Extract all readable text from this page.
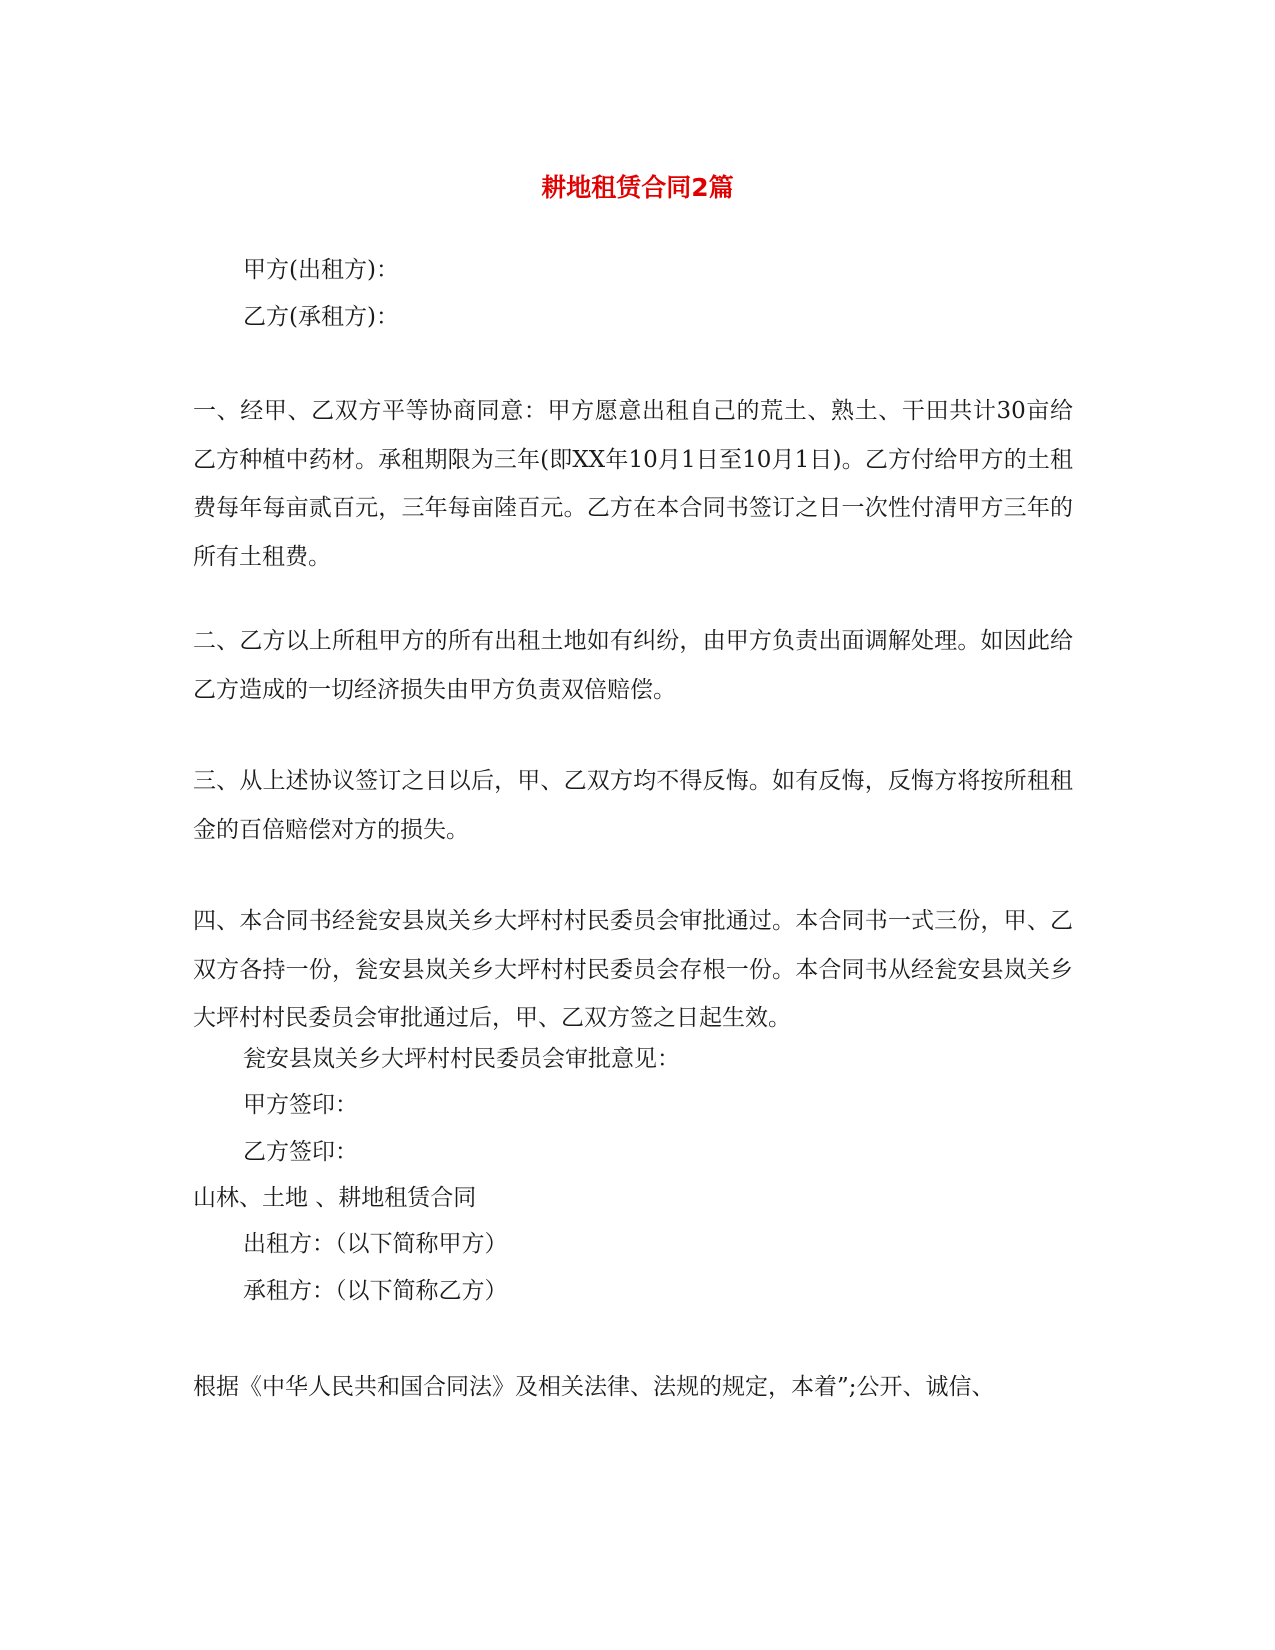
耕地租赁合同2篇
甲方(出租方)：
乙方(承租方)：
一、经甲、乙双方平等协商同意：甲方愿意出租自己的荒土、熟土、干田共计30亩给乙方种植中药材。承租期限为三年(即XX年10月1日至10月1日)。乙方付给甲方的土租费每年每亩贰百元，三年每亩陸百元。乙方在本合同书签订之日一次性付清甲方三年的所有土租费。
二、乙方以上所租甲方的所有出租土地如有纠纷，由甲方负责出面调解处理。如因此给乙方造成的一切经济损失由甲方负责双倍赔偿。
三、从上述协议签订之日以后，甲、乙双方均不得反悔。如有反悔，反悔方将按所租租金的百倍赔偿对方的损失。
四、本合同书经瓮安县岚关乡大坪村村民委员会审批通过。本合同书一式三份，甲、乙双方各持一份，瓮安县岚关乡大坪村村民委员会存根一份。本合同书从经瓮安县岚关乡大坪村村民委员会审批通过后，甲、乙双方签之日起生效。
瓮安县岚关乡大坪村村民委员会审批意见：
甲方签印：
乙方签印：
山林、土地 、耕地租赁合同
出租方：（以下简称甲方）
承租方：（以下简称乙方）
根据《中华人民共和国合同法》及相关法律、法规的规定，本着”;公开、诚信、
